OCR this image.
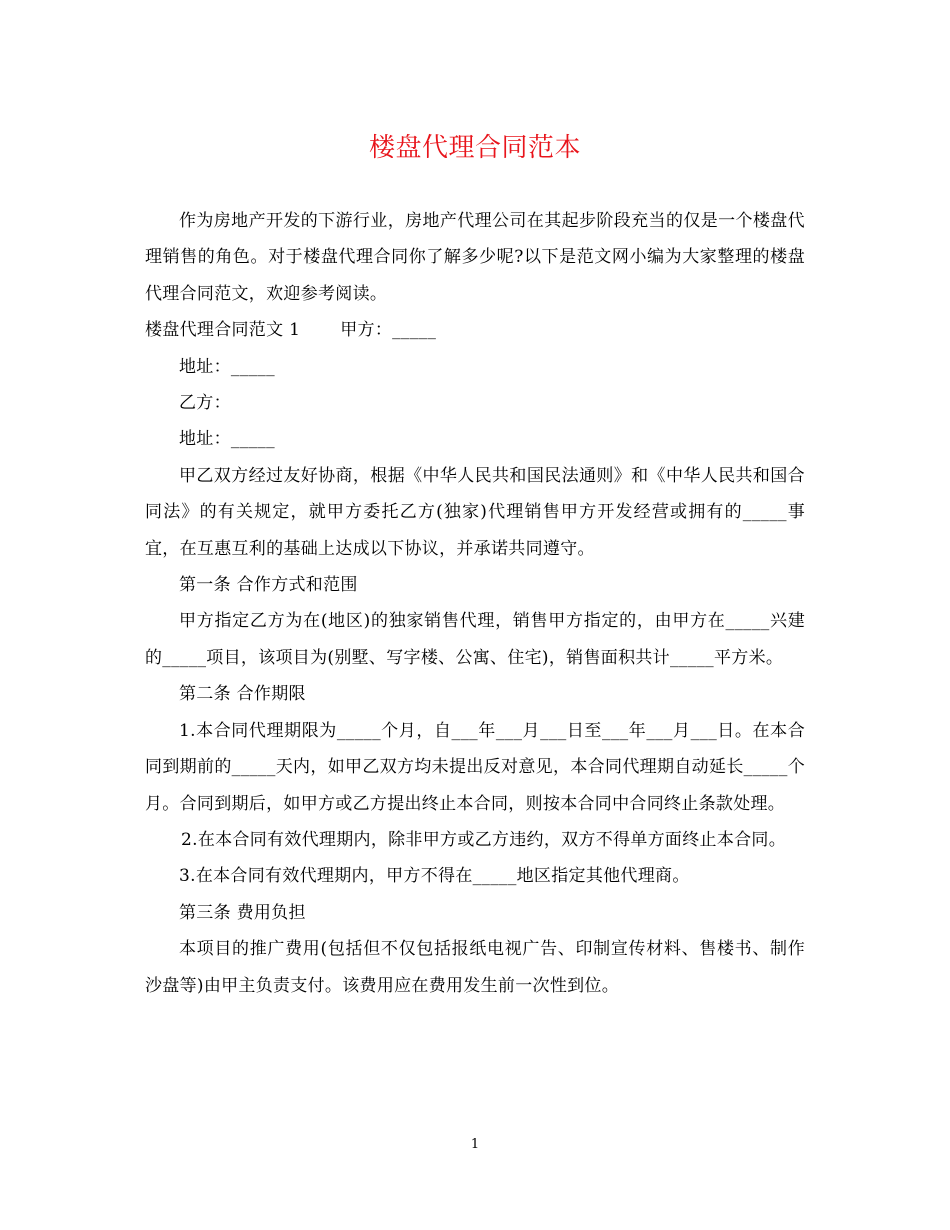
楼盘代理合同范本

作为房地产开发的下游行业，房地产代理公司在其起步阶段充当的仅是一个楼盘代理销售的角色。对于楼盘代理合同你了解多少呢?以下是范文网小编为大家整理的楼盘代理合同范文，欢迎参考阅读。

楼盘代理合同范文 1 甲方：_____

地址：_____

乙方：

地址：_____

甲乙双方经过友好协商，根据《中华人民共和国民法通则》和《中华人民共和国合同法》的有关规定，就甲方委托乙方(独家)代理销售甲方开发经营或拥有的_____事宜，在互惠互利的基础上达成以下协议，并承诺共同遵守。

第一条 合作方式和范围

甲方指定乙方为在(地区)的独家销售代理，销售甲方指定的，由甲方在_____兴建的_____项目，该项目为(别墅、写字楼、公寓、住宅)，销售面积共计_____平方米。

第二条 合作期限

1.本合同代理期限为_____个月，自___年___月___日至___年___月___日。在本合同到期前的_____天内，如甲乙双方均未提出反对意见，本合同代理期自动延长_____个月。合同到期后，如甲方或乙方提出终止本合同，则按本合同中合同终止条款处理。

2.在本合同有效代理期内，除非甲方或乙方违约，双方不得单方面终止本合同。

3.在本合同有效代理期内，甲方不得在_____地区指定其他代理商。

第三条 费用负担

本项目的推广费用(包括但不仅包括报纸电视广告、印制宣传材料、售楼书、制作沙盘等)由甲主负责支付。该费用应在费用发生前一次性到位。

1
